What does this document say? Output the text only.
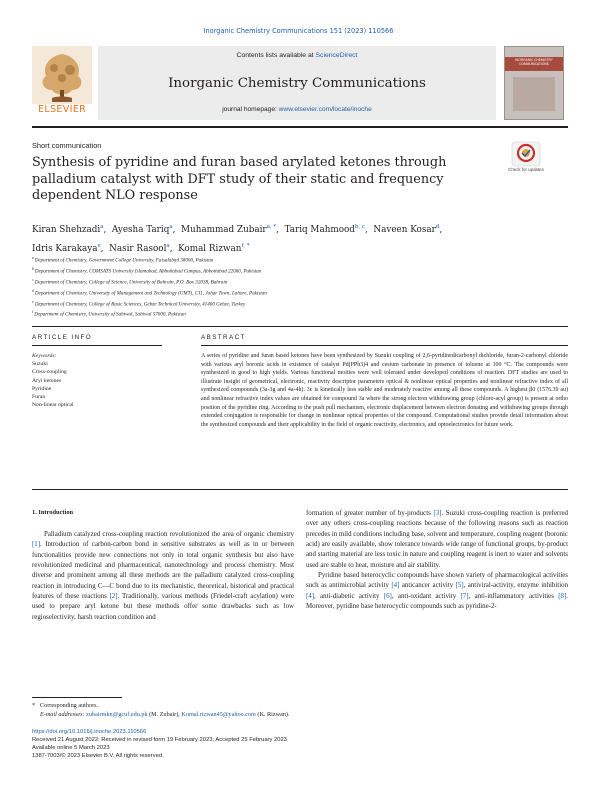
Inorganic Chemistry Communications 151 (2023) 110566
ELSEVIER
Contents lists available at ScienceDirect
Inorganic Chemistry Communications
journal homepage: www.elsevier.com/locate/inoche
INORGANIC CHEMISTRY COMMUNICATIONS
Short communication
Synthesis of pyridine and furan based arylated ketones through palladium catalyst with DFT study of their static and frequency dependent NLO response
Check for updates
Kiran Shehzadi$^a$,  Ayesha Tariq$^a$,  Muhammad Zubair$^{a, *}$,  Tariq Mahmood$^{b, c}$,  Naveen Kosar$^d$,
Idris Karakaya$^e$,  Nasir Rasool$^a$,  Komal Rizwan$^{f, *}$
$^a$Department of Chemistry, Government College University, Faisalabad 38000, Pakistan
$^b$Department of Chemistry, COMSATS University Islamabad, Abbottabad Campus, Abbottabad 22060, Pakistan
$^c$Department of Chemistry, College of Science, University of Bahrain, P.O. Box 32038, Bahrain
$^d$Department of Chemistry, University of Management and Technology (UMT), C11, Johar Town, Lahore, Pakistan
$^e$Department of Chemistry, College of Basic Sciences, Gebze Technical University, 41400 Gebze, Turkey
$^f$Department of Chemistry, University of Sahiwal, Sahiwal 57000, Pakistan
ARTICLE INFO	ABSTRACT
Keywords:
Suzuki
Cross-coupling
Aryl ketones
Pyridine
Furan
Non-linear optical
A series of pyridine and furan based ketones have been synthesized by Suzuki coupling of 2,6-pyridinedicarbonyl dichloride, furan-2-carbonyl chloride with various aryl boronic acids in existence of catalyst Pd(PPh3)4 and cesium carbonate in presence of toluene at 100 °C. The compounds were synthesized in good to high yields. Various functional moities were well tolerated under developed conditions of reaction. DFT studies are used to illustrate insight of geometrical, electronic, reactivity descriptor parameters optical & nonlinear optical properties and nonlinear refractive index of all synthesized compounds (3a-3g and 4a-4h). 3c is kinetically less stable and moderately reactive among all these compounds. A highest β0 (1576.39 au) and nonlinear refractive index values are obtained for compound 3a where the strong electron withdrawing group (chloro-acyl group) is present at ortho position of the pyridine ring. According to the push pull mechanism, electronic displacement between electron donating and withdrawing groups through extended conjugation is responsible for change in nonlinear optical properties of the compound. Computational studies provide detail information about the synthesized compounds and their applicability in the field of organic reactivity, electronics, and optoelectronics for future work.
1. Introduction

Palladium catalyzed cross-coupling reaction revolutionized the area of organic chemistry [1]. Introduction of carbon-carbon bond in sensitive substrates as well as in or between functionalities provide new connections not only in total organic synthesis but also have revolutionized medicinal and pharmaceutical, nanotechnology and process chemistry. Most diverse and prominent among all these methods are the palladium catalyzed cross-coupling reaction in introducing C—C bond due to its mechanistic, theoretical, historical and practical features of these reactions [2]. Traditionally, various methods (Friedel-craft acylation) were used to prepare aryl ketone but these methods offer some drawbacks such as low regioselectivity, harsh reaction condition and

formation of greater number of by-products [3]. Suzuki cross-coupling reaction is preferred over any others cross-coupling reactions because of the following reasons such as reaction precedes in mild conditions including base, solvent and temperature, coupling reagent (boronic acid) are easily available, show tolerance towards wide range of functional groups, by-product and starting material are less toxic in nature and coupling reagent is inert to water and solvents used are stable to heat, moisture and air stability.

Pyridine based heterocyclic compounds have shown variety of pharmacological activities such as antimicrobial activity [4] anticancer activity [5], antiviral-activity, enzyme inhibition [4], anti-diabetic activity [6], anti-oxidant activity [7], anti-inflammatory activities [8]. Moreover, pyridine base heterocyclic compounds such as pyridine-2-

* Corresponding authors.
E-mail addresses: zubairmkn@gcuf.edu.pk (M. Zubair), Komal.rizwan45@yahoo.com (K. Rizwan).
https://doi.org/10.1016/j.inoche.2023.110566
Received 21 August 2022; Received in revised form 19 February 2023; Accepted 25 February 2023
Available online 5 March 2023
1387-7003/© 2023 Elsevier B.V. All rights reserved.
